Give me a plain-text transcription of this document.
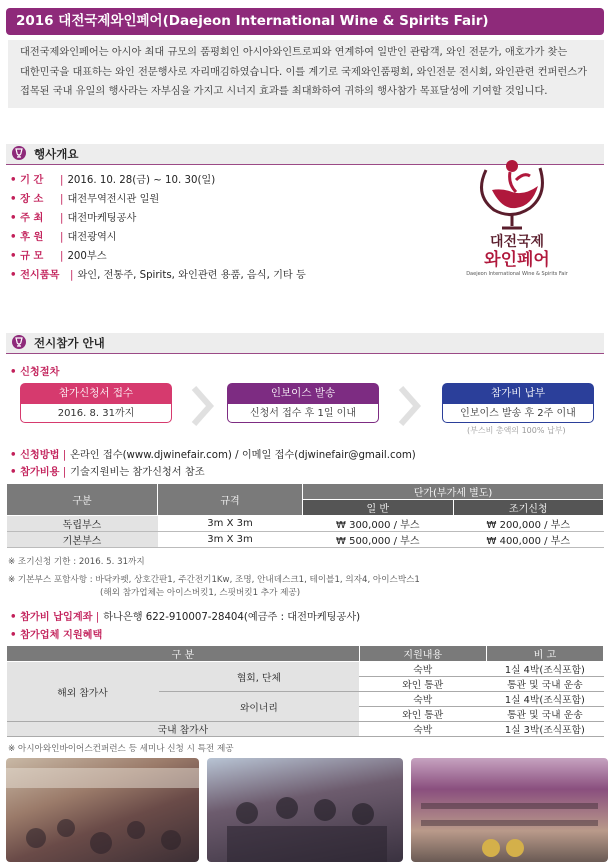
2016 대전국제와인페어(Daejeon International Wine & Spirits Fair)
대전국제와인페어는 아시아 최대 규모의 품평회인 아시아와인트로피와 연계하여 일반인 관람객, 와인 전문가, 애호가가 찾는
대한민국을 대표하는 와인 전문행사로 자리매김하였습니다. 이를 계기로 국제와인품평회, 와인전문 전시회, 와인관련 컨퍼런스가
접목된 국내 유일의 행사라는 자부심을 가지고 시너지 효과를 최대화하여 귀하의 행사참가 목표달성에 기여할 것입니다.
행사개요
• 기 간 | 2016. 10. 28(금) ~ 10. 30(일)
• 장 소 | 대전무역전시관 일원
• 주 최 | 대전마케팅공사
• 후 원 | 대전광역시
• 규 모 | 200부스
• 전시품목 | 와인, 전통주, Spirits, 와인관련 용품, 음식, 기타 등
대전국제
와인페어
Daejeon International Wine & Spirits Fair
전시참가 안내
• 신청절차
참가신청서 접수
2016. 8. 31까지
인보이스 발송
신청서 접수 후 1일 이내
참가비 납부
인보이스 발송 후 2주 이내
(부스비 총액의 100% 납부)
• 신청방법 | 온라인 접수(www.djwinefair.com) / 이메일 접수(djwinefair@gmail.com)
• 참가비용 | 기술지원비는 참가신청서 참조
구분	규격	단가(부가세 별도)	
		일 반	조기신청
독립부스	3m X 3m	₩ 300,000 / 부스	₩ 200,000 / 부스
기본부스	3m X 3m	₩ 500,000 / 부스	₩ 400,000 / 부스
※ 조기신청 기한 : 2016. 5. 31까지
※ 기본부스 포함사항 : 바닥카펫, 상호간판1, 주간전기1Kw, 조명, 안내데스크1, 테이블1, 의자4, 아이스박스1
(해외 참가업체는 아이스버킷1, 스핏버킷1 추가 제공)
• 참가비 납입계좌 | 하나은행 622-910007-28404(예금주 : 대전마케팅공사)
• 참가업체 지원혜택
구 분		지원내용	비 고
해외 참가사	협회, 단체	숙박	1실 4박(조식포함)
		와인 통관	통관 및 국내 운송
	와이너리	숙박	1실 4박(조식포함)
		와인 통관	통관 및 국내 운송
국내 참가사		숙박	1실 3박(조식포함)
※ 아시아와인바이어스컨퍼런스 등 세미나 신청 시 특전 제공
